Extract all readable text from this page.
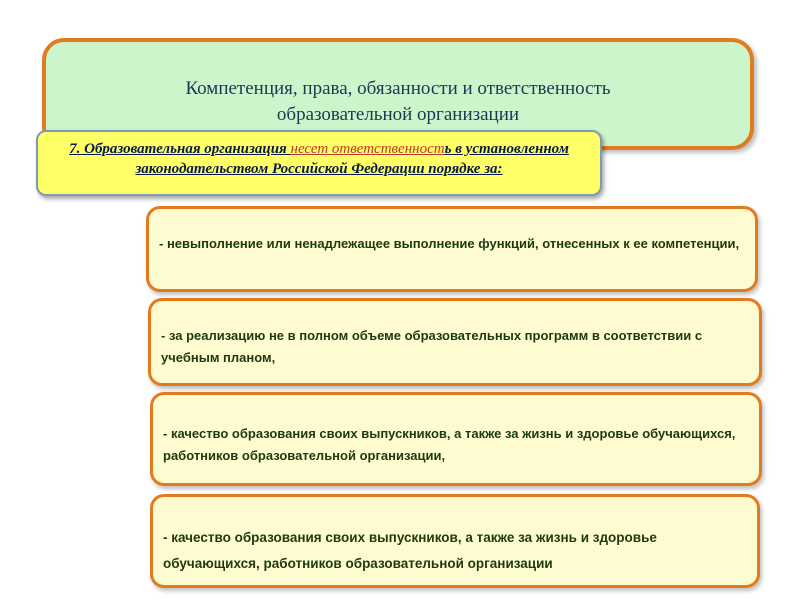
Компетенция, права, обязанности и ответственность
образовательной организации
7. Образовательная организация несет ответственность в установленном законодательством Российской Федерации порядке за:
- невыполнение или ненадлежащее выполнение функций, отнесенных к ее компетенции,
- за реализацию не в полном объеме образовательных программ в соответствии с учебным планом,
- качество образования своих выпускников, а также за жизнь и здоровье обучающихся, работников образовательной организации,
- качество образования своих выпускников, а также за жизнь и здоровье обучающихся, работников образовательной организации
